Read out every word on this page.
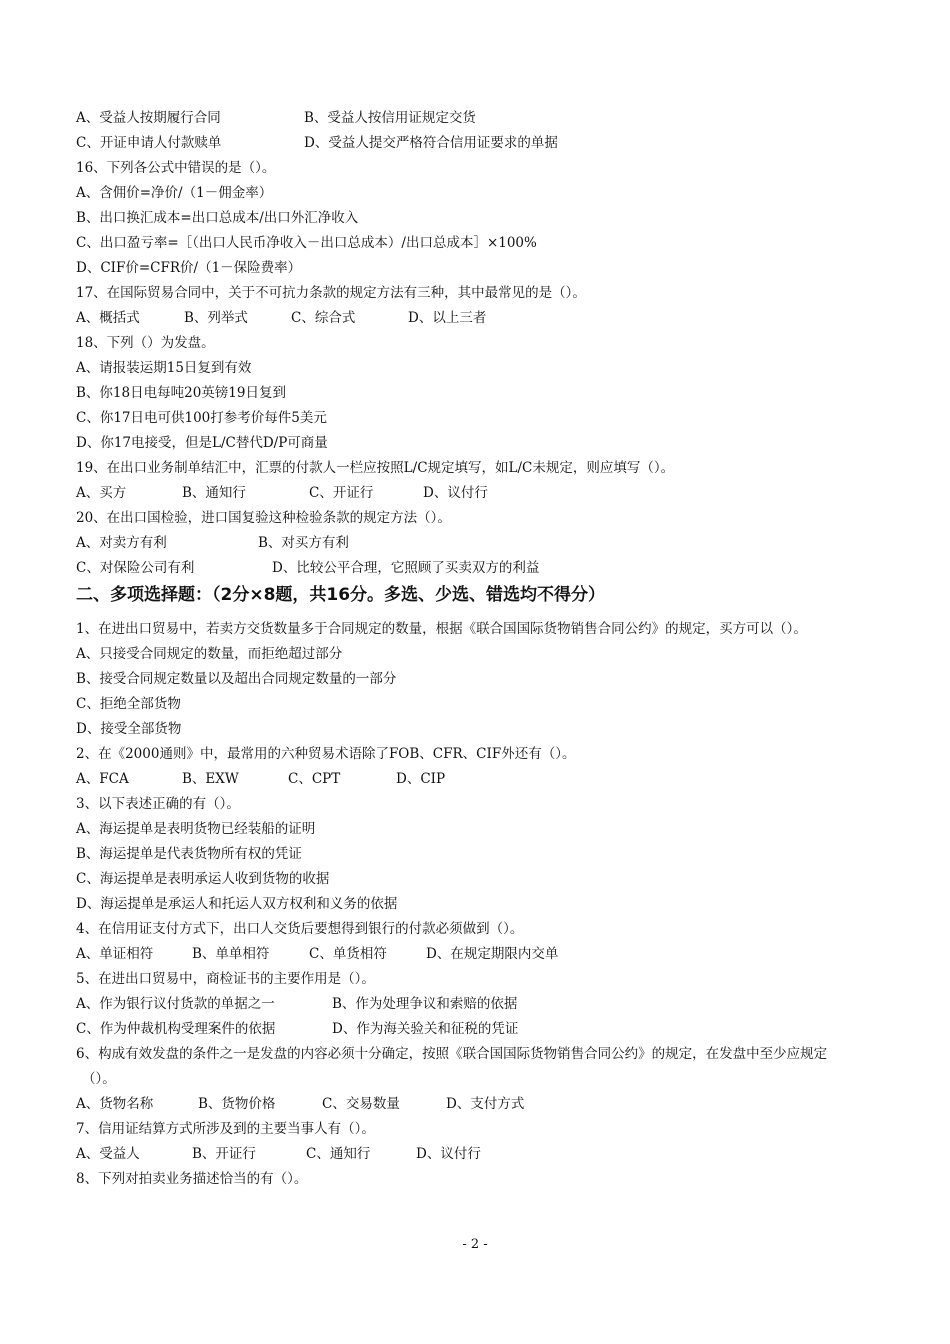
A、受益人按期履行合同	B、受益人按信用证规定交货
C、开证申请人付款赎单	D、受益人提交严格符合信用证要求的单据
16、下列各公式中错误的是（）。
A、含佣价=净价/（1－佣金率）
B、出口换汇成本=出口总成本/出口外汇净收入
C、出口盈亏率=［（出口人民币净收入－出口总成本）/出口总成本］×100%
D、CIF价=CFR价/（1－保险费率）
17、在国际贸易合同中，关于不可抗力条款的规定方法有三种，其中最常见的是（）。
A、概括式	B、列举式	C、综合式	D、以上三者
18、下列（）为发盘。
A、请报装运期15日复到有效
B、你18日电每吨20英镑19日复到
C、你17日电可供100打参考价每件5美元
D、你17电接受，但是L/C替代D/P可商量
19、在出口业务制单结汇中，汇票的付款人一栏应按照L/C规定填写，如L/C未规定，则应填写（）。
A、买方	B、通知行	C、开证行	D、议付行
20、在出口国检验，进口国复验这种检验条款的规定方法（）。
A、对卖方有利	B、对买方有利
C、对保险公司有利	D、比较公平合理，它照顾了买卖双方的利益
二、多项选择题：（2分×8题，共16分。多选、少选、错选均不得分）
1、在进出口贸易中，若卖方交货数量多于合同规定的数量，根据《联合国国际货物销售合同公约》的规定，买方可以（）。
A、只接受合同规定的数量，而拒绝超过部分
B、接受合同规定数量以及超出合同规定数量的一部分
C、拒绝全部货物
D、接受全部货物
2、在《2000通则》中，最常用的六种贸易术语除了FOB、CFR、CIF外还有（）。
A、FCA	B、EXW	C、CPT	D、CIP
3、以下表述正确的有（）。
A、海运提单是表明货物已经装船的证明
B、海运提单是代表货物所有权的凭证
C、海运提单是表明承运人收到货物的收据
D、海运提单是承运人和托运人双方权利和义务的依据
4、在信用证支付方式下，出口人交货后要想得到银行的付款必须做到（）。
A、单证相符	B、单单相符	C、单货相符	D、在规定期限内交单
5、在进出口贸易中，商检证书的主要作用是（）。
A、作为银行议付货款的单据之一	B、作为处理争议和索赔的依据
C、作为仲裁机构受理案件的依据	D、作为海关验关和征税的凭证
6、构成有效发盘的条件之一是发盘的内容必须十分确定，按照《联合国国际货物销售合同公约》的规定，在发盘中至少应规定
（）。
A、货物名称	B、货物价格	C、交易数量	D、支付方式
7、信用证结算方式所涉及到的主要当事人有（）。
A、受益人	B、开证行	C、通知行	D、议付行
8、下列对拍卖业务描述恰当的有（）。
- 2 -
